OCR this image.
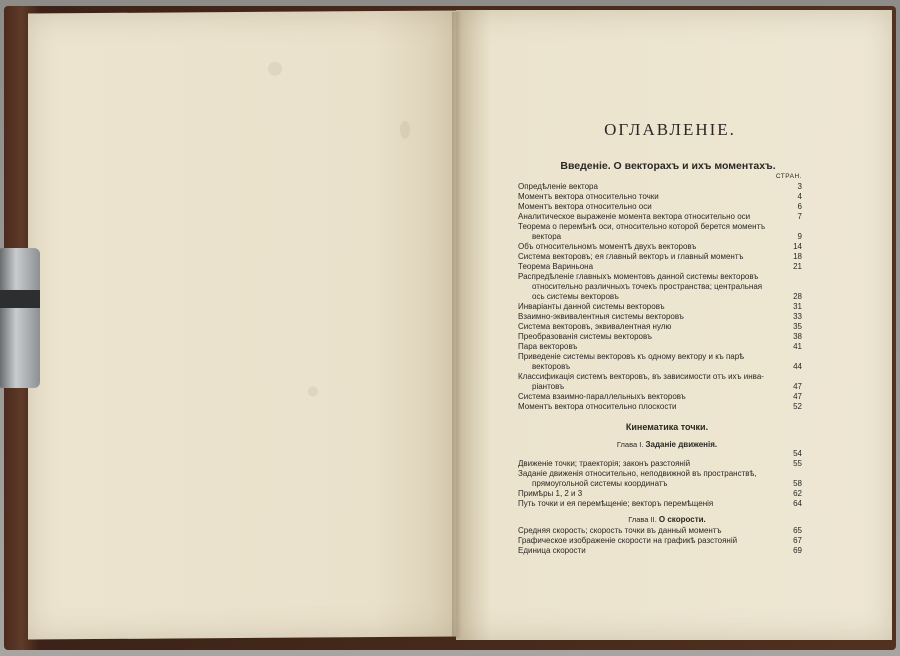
ОГЛАВЛЕНIЕ.
Введенiе. О векторахъ и ихъ моментахъ.
СТРАН.
Опредѣленiе вектора	3
Моментъ вектора относительно точки	4
Моментъ вектора относительно оси	6
Аналитическое выраженiе момента вектора относительно оси	7
Теорема о перемѣнѣ оси, относительно которой берется моментъ
вектора	9
Объ относительномъ моментѣ двухъ векторовъ	14
Система векторовъ; ея главный векторъ и главный моментъ	18
Теорема Вариньона	21
Распредѣленiе главныхъ моментовъ данной системы векторовъ
относительно различныхъ точекъ пространства; центральная
ось системы векторовъ	28
Инварiанты данной системы векторовъ	31
Взаимно-эквивалентныя системы векторовъ	33
Система векторовъ, эквивалентная нулю	35
Преобразованiя системы векторовъ	38
Пара векторовъ	41
Приведенiе системы векторовъ къ одному вектору и къ парѣ
векторовъ	44
Классификацiя системъ векторовъ, въ зависимости отъ ихъ инва-
рiантовъ	47
Система взаимно-параллельныхъ векторовъ	47
Моментъ вектора относительно плоскости	52
Кинематика точки.
Глава I. Заданiе движенiя.
54
Движенiе точки; траекторiя; законъ разстоянiй	55
Заданiе движенiя относительно, неподвижной въ пространствѣ,
прямоугольной системы координатъ	58
Примѣры 1, 2 и 3	62
Путь точки и ея перемѣщенiе; векторъ перемѣщенiя	64
Глава II. О скорости.
Средняя скорость; скорость точки въ данный моментъ	65
Графическое изображенiе скорости на графикѣ разстоянiй	67
Единица скорости	69
